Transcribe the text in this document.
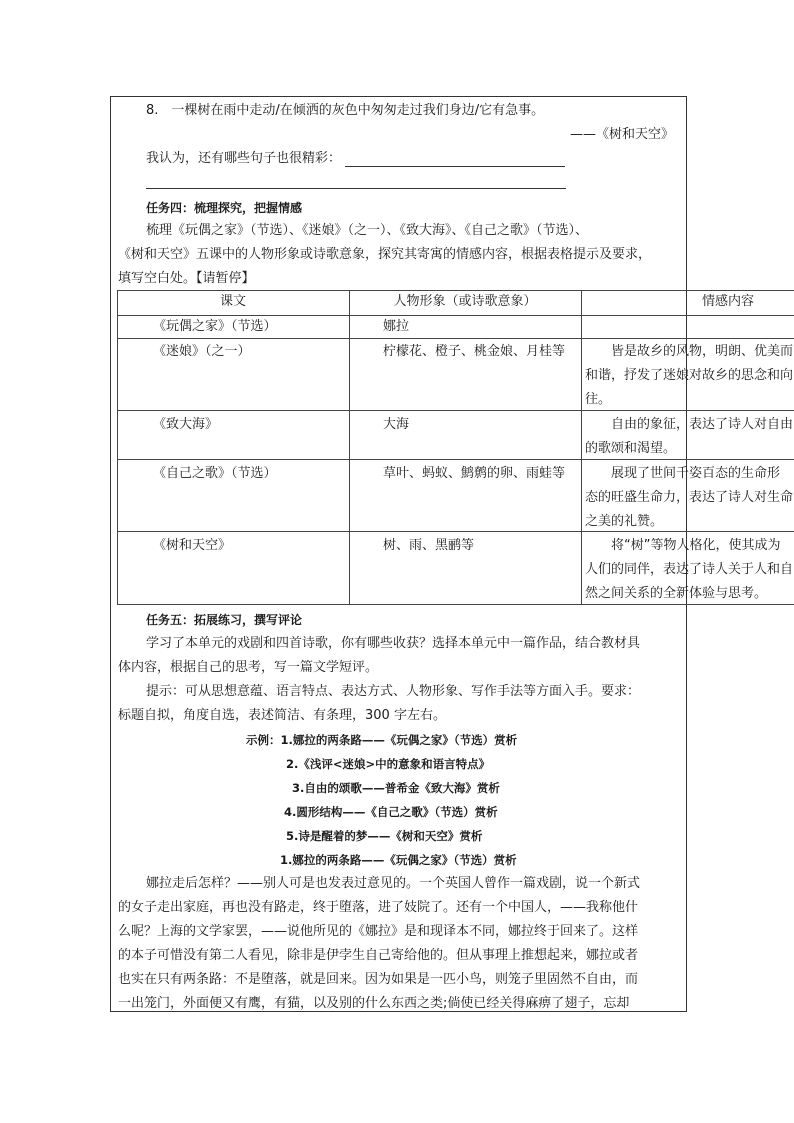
8.　一棵树在雨中走动/在倾洒的灰色中匆匆走过我们身边/它有急事。
——《树和天空》
我认为，还有哪些句子也很精彩：
任务四：梳理探究，把握情感
梳理《玩偶之家》（节选）、《迷娘》（之一）、《致大海》、《自己之歌》（节选）、
《树和天空》五课中的人物形象或诗歌意象，探究其寄寓的情感内容，根据表格提示及要求，
填写空白处。【请暂停】
课文	人物形象（或诗歌意象）	情感内容
《玩偶之家》（节选）	娜拉
《迷娘》（之一）	柠檬花、橙子、桃金娘、月桂等	皆是故乡的风物，明朗、优美而
和谐，抒发了迷娘对故乡的思念和向
往。
《致大海》	大海	自由的象征，表达了诗人对自由
的歌颂和渴望。
《自己之歌》（节选）	草叶、蚂蚁、鹪鹩的卵、雨蛙等	展现了世间千姿百态的生命形
态的旺盛生命力，表达了诗人对生命
之美的礼赞。
《树和天空》	树、雨、黑鹂等	将“树”等物人格化，使其成为
人们的同伴，表达了诗人关于人和自
然之间关系的全新体验与思考。
任务五：拓展练习，撰写评论
学习了本单元的戏剧和四首诗歌，你有哪些收获？选择本单元中一篇作品，结合教材具
体内容，根据自己的思考，写一篇文学短评。
提示：可从思想意蕴、语言特点、表达方式、人物形象、写作手法等方面入手。要求：
标题自拟，角度自选，表述简洁、有条理，300 字左右。
示例：1.娜拉的两条路——《玩偶之家》（节选）赏析
2.《浅评<迷娘>中的意象和语言特点》
3.自由的颂歌——普希金《致大海》赏析
4.圆形结构——《自己之歌》（节选）赏析
5.诗是醒着的梦——《树和天空》赏析
1.娜拉的两条路——《玩偶之家》（节选）赏析
娜拉走后怎样？——别人可是也发表过意见的。一个英国人曾作一篇戏剧，说一个新式
的女子走出家庭，再也没有路走，终于堕落，进了妓院了。还有一个中国人，——我称他什
么呢？上海的文学家罢，——说他所见的《娜拉》是和现译本不同，娜拉终于回来了。这样
的本子可惜没有第二人看见，除非是伊孛生自己寄给他的。但从事理上推想起来，娜拉或者
也实在只有两条路：不是堕落，就是回来。因为如果是一匹小鸟，则笼子里固然不自由，而
一出笼门，外面便又有鹰，有猫，以及别的什么东西之类;倘使已经关得麻痹了翅子，忘却
